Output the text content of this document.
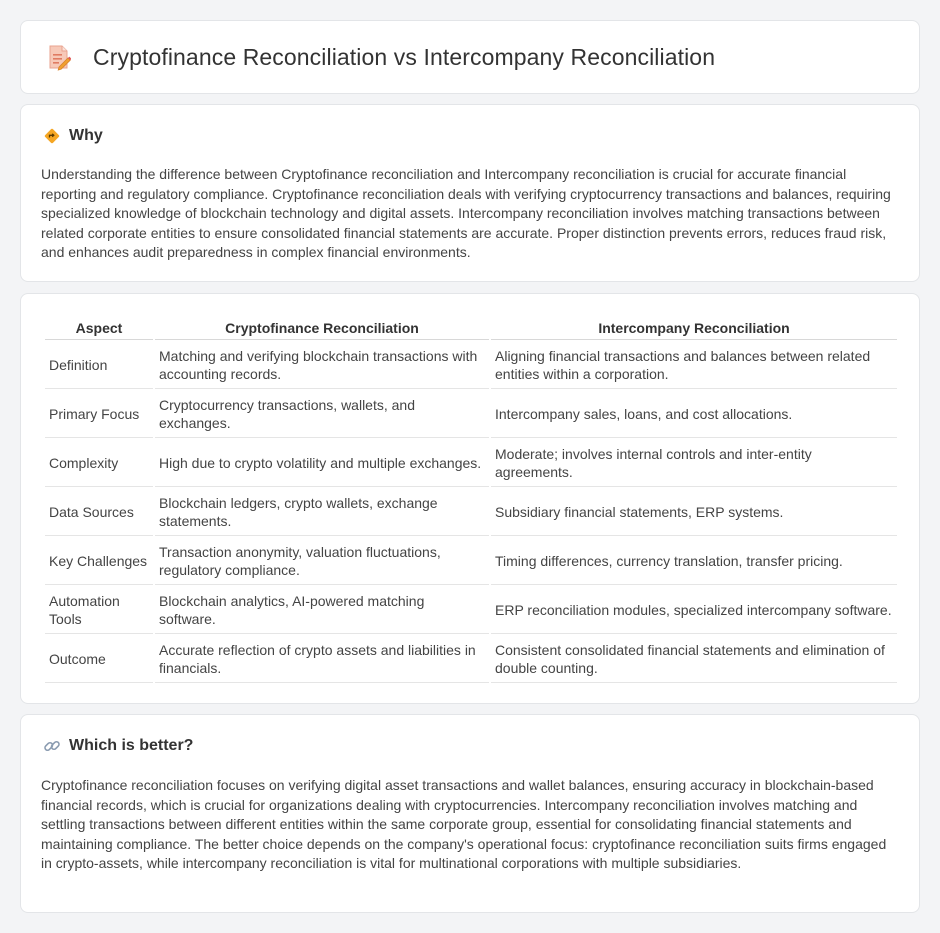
Cryptofinance Reconciliation vs Intercompany Reconciliation
Why

Understanding the difference between Cryptofinance reconciliation and Intercompany reconciliation is crucial for accurate financial reporting and regulatory compliance. Cryptofinance reconciliation deals with verifying cryptocurrency transactions and balances, requiring specialized knowledge of blockchain technology and digital assets. Intercompany reconciliation involves matching transactions between related corporate entities to ensure consolidated financial statements are accurate. Proper distinction prevents errors, reduces fraud risk, and enhances audit preparedness in complex financial environments.

Aspect	Cryptofinance Reconciliation	Intercompany Reconciliation
Definition	Matching and verifying blockchain transactions with accounting records.	Aligning financial transactions and balances between related entities within a corporation.
Primary Focus	Cryptocurrency transactions, wallets, and exchanges.	Intercompany sales, loans, and cost allocations.
Complexity	High due to crypto volatility and multiple exchanges.	Moderate; involves internal controls and inter-entity agreements.
Data Sources	Blockchain ledgers, crypto wallets, exchange statements.	Subsidiary financial statements, ERP systems.
Key Challenges	Transaction anonymity, valuation fluctuations, regulatory compliance.	Timing differences, currency translation, transfer pricing.
Automation Tools	Blockchain analytics, AI-powered matching software.	ERP reconciliation modules, specialized intercompany software.
Outcome	Accurate reflection of crypto assets and liabilities in financials.	Consistent consolidated financial statements and elimination of double counting.
Which is better?

Cryptofinance reconciliation focuses on verifying digital asset transactions and wallet balances, ensuring accuracy in blockchain-based financial records, which is crucial for organizations dealing with cryptocurrencies. Intercompany reconciliation involves matching and settling transactions between different entities within the same corporate group, essential for consolidating financial statements and maintaining compliance. The better choice depends on the company's operational focus: cryptofinance reconciliation suits firms engaged in crypto-assets, while intercompany reconciliation is vital for multinational corporations with multiple subsidiaries.
